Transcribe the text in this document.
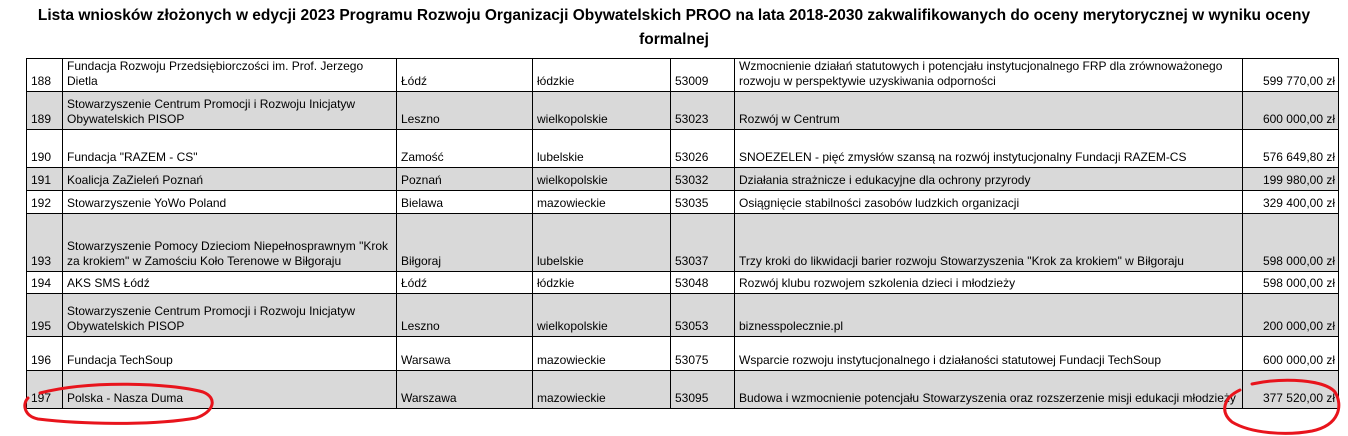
Lista wniosków złożonych w edycji 2023 Programu Rozwoju Organizacji Obywatelskich PROO na lata 2018-2030 zakwalifikowanych do oceny merytorycznej w wyniku oceny
formalnej
188	Fundacja Rozwoju Przedsiębiorczości im. Prof. Jerzego Dietla	Łódź	łódzkie	53009	Wzmocnienie działań statutowych i potencjału instytucjonalnego FRP dla zrównoważonego rozwoju w perspektywie uzyskiwania odporności	599 770,00 zł
189	Stowarzyszenie Centrum Promocji i Rozwoju Inicjatyw Obywatelskich PISOP	Leszno	wielkopolskie	53023	Rozwój w Centrum	600 000,00 zł
190	Fundacja "RAZEM - CS"	Zamość	lubelskie	53026	SNOEZELEN - pięć zmysłów szansą na rozwój instytucjonalny Fundacji RAZEM-CS	576 649,80 zł
191	Koalicja ZaZieleń Poznań	Poznań	wielkopolskie	53032	Działania strażnicze i edukacyjne dla ochrony przyrody	199 980,00 zł
192	Stowarzyszenie YoWo Poland	Bielawa	mazowieckie	53035	Osiągnięcie stabilności zasobów ludzkich organizacji	329 400,00 zł
193	Stowarzyszenie Pomocy Dzieciom Niepełnosprawnym "Krok za krokiem" w Zamościu Koło Terenowe w Biłgoraju	Biłgoraj	lubelskie	53037	Trzy kroki do likwidacji barier rozwoju Stowarzyszenia "Krok za krokiem" w Biłgoraju	598 000,00 zł
194	AKS SMS Łódź	Łódź	łódzkie	53048	Rozwój klubu rozwojem szkolenia dzieci i młodzieży	598 000,00 zł
195	Stowarzyszenie Centrum Promocji i Rozwoju Inicjatyw Obywatelskich PISOP	Leszno	wielkopolskie	53053	biznesspolecznie.pl	200 000,00 zł
196	Fundacja TechSoup	Warsawa	mazowieckie	53075	Wsparcie rozwoju instytucjonalnego i działaności statutowej Fundacji TechSoup	600 000,00 zł
197	Polska - Nasza Duma	Warszawa	mazowieckie	53095	Budowa i wzmocnienie potencjału Stowarzyszenia oraz rozszerzenie misji edukacji młodzieży	377 520,00 zł
